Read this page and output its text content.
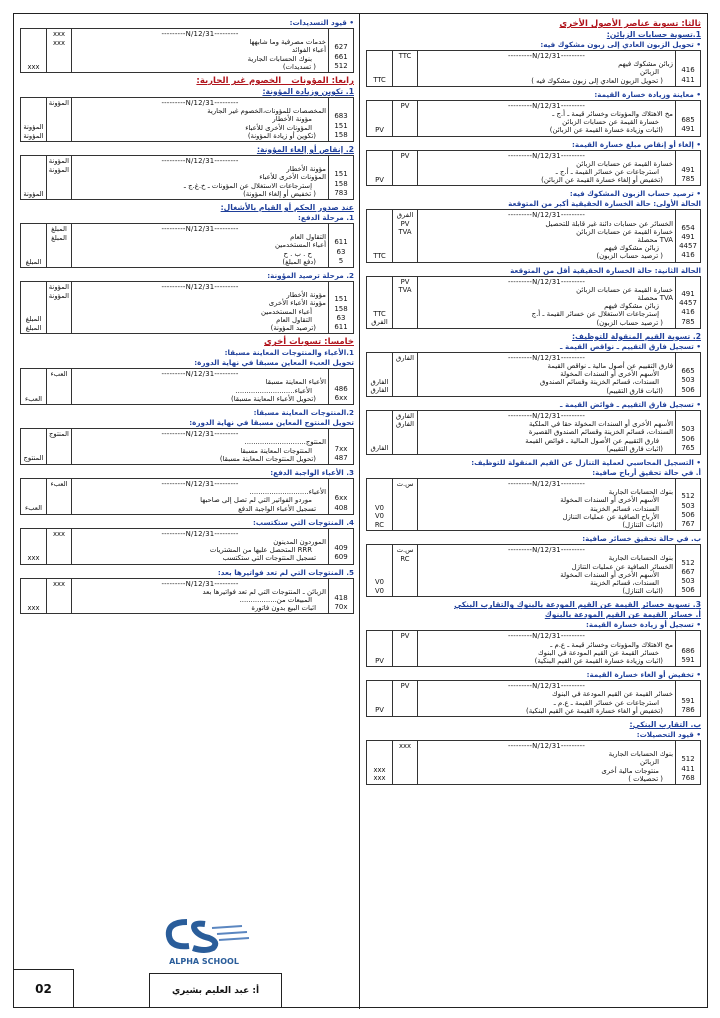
ثالثا: تسوية عناصر الأصول الأخرى
1.تسوية حسابات الزبائن:
• تحويل الزبون العادي إلى زبون مشكوك فيه:
416
411
---------N/12/31---------
زبائن مشكوك فيهم
الزبائن
( تحويل الزبون العادي إلى زبون مشكوك فيه )
TTC
TTC
• معاينة وزيادة خسارة القيمة:
685
491
---------N/12/31---------
مخ الاهتلاك والمؤونات وخسائر قيمة ـ أ.ج ـ
خسارة القيمة عن حسابات الزبائن
(اثبات وزيادة خسارة القيمة عن الزبائن)
PV
PV
• إلغاء أو إنقاص مبلغ خسارة القيمة:
491
785
---------N/12/31---------
خسارة القيمة عن حسابات الزبائن
استرجاعات عن خسائر القيمة ـ أ.ج ـ
(تخفيض أو إلغاء خسارة القيمة عن الزبائن)
PV
PV
• ترصيد حساب الزبون المشكوك فيه:
الحالة الأولى: حالة الخسارة الحقيقية أكبر من المتوقعة
654
491
4457
416
---------N/12/31---------
الخسائر عن حسابات دائنة غير قابلة للتحصيل
خسارة القيمة عن حسابات الزبائن
TVA محصلة
زبائن مشكوك فيهم
( ترصيد حساب الزبون)
الفرق
PV
TVA
TTC
الحالة الثانية: حالة الخسارة الحقيقية أقل من المتوقعة
491
4457
416
785
---------N/12/31---------
خسارة القيمة عن حسابات الزبائن
TVA محصلة
زبائن مشكوك فيهم
إسترجاعات الاستغلال عن خسائر القيمة ـ أ.ج
( ترصيد حساب الزبون)
PV
TVA
TTC
الفرق
2. تسوية القيم المنقولة للتوظيف:
• تسجيل فارق التقييم ـ نواقص القيمة ـ
665
503
506
---------N/12/31---------
فارق التقييم عن أصول مالية ـ نواقص القيمة
الأسهم الأخرى أو السندات المخولة
السندات، قسائم الخزينة وقسائم الصندوق
(اثبات فارق التقييم)
الفارق
الفارق
الفارق
• تسجيل فارق التقييم ـ فوائض القيمة ـ
503
506
765
---------N/12/31---------
الأسهم الأخرى أو السندات المخولة حقا في الملكية
السندات، قسائم الخزينة وقسائم الصندوق القصيرة
فارق التقييم عن الأصول المالية ـ فوائض القيمة
(اثبات فارق التقييم)
الفارق
الفارق
الفارق
• التسجيل المحاسبي لعملية التنازل عن القيم المنقولة للتوظيف:
أ. في حالة تحقيق أرباح صافية:
512
503
506
767
---------N/12/31---------
بنوك الحسابات الجارية
الأسهم الأخرى أو السندات المخولة
السندات، قسائم الخزينة
الأرباح الصافية عن عمليات التنازل
(اثبات التنازل)
س.ت
V0
V0
RC
ب. في حالة تحقيق خسائر صافية:
512
667
503
506
---------N/12/31---------
بنوك الحسابات الجارية
الخسائر الصافية عن عمليات التنازل
الأسهم الأخرى أو السندات المخولة
السندات، قسائم الخزينة
(اثبات التنازل)
س.ت
RC
V0
V0
3. تسوية خسائر القيمة عن القيم المودعة بالبنوك والتقارب البنكي
أ. خسائر القيمة عن القيم المودعة بالبنوك
• تسجيل أو زيادة خسارة القيمة:
686
591
---------N/12/31---------
مخ الاهتلاك والمؤونات وخسائر قيمة ـ ع.م ـ
خسائر القيمة عن القيم المودعة في البنوك
(اثبات وزيادة خسارة القيمة عن القيم البنكية)
PV
PV
• تخفيض أو الغاء خسارة القيمة:
591
786
---------N/12/31---------
خسائر القيمة عن القيم المودعة في البنوك
استرجاعات عن خسائر القيمة ـ ع.م ـ
(تخفيض أو الغاء خسارة القيمة عن القيم البنكية)
PV
PV
ب. التقارب البنكي:
• قيود التحصيلات:
512
411
768
---------N/12/31---------
بنوك الحسابات الجارية
الزبائن
منتوجات مالية أخرى
( تحصيلات )
xxx
xxx
xxx
• قيود التسديدات:
627
661
512
---------N/12/31---------
خدمات مصرفية وما شابهها
أعباء الفوائد
بنوك الحسابات الجارية
( تسديدات)
xxx
xxx
xxx
رابعا: المؤونات _ الخصوم غير الجارية:
1. تكوين وزيادة المؤونة:
683
151
158
---------N/12/31---------
المخصصات للمؤونات،الخصوم غير الجارية
مؤونة الأخطار
المؤونات الأخرى للأعباء
(تكوين أو زيادة المؤونة)
المؤونة
المؤونة
المؤونة
2. إنقاص أو إلغاء المؤونة:
151
158
783
---------N/12/31---------
مؤونة الأخطار
المؤونات الأخرى للأعباء
إسترجاعات الاستغلال عن المؤونات ـ خ.غ.ج ـ
( تخفيض أو إلغاء المؤونة)
المؤونة
المؤونة
المؤونة
عند صدور الحكم أو القيام بالأشغال:
1. مرحلة الدفع:
611
63
5
---------N/12/31---------
التقاول العام
أعباء المستخدمين
ح . ب . ح
(دفع المبلغ)
المبلغ
المبلغ
المبلغ
2. مرحلة ترصيد المؤونة:
151
158
63
611
---------N/12/31---------
مؤونة الأخطار
مؤونة الأعباء الأخرى
أعباء المستخدمين
التقاول العام
(ترصيد المؤونة)
المؤونة
المؤونة
المبلغ
المبلغ
خامسا: تسويات أخرى
1.الأعباء والمنتوجات المعاينة مسبقا:
تحويل العبء المعاين مسبقا في نهاية الدورة:
486
6xx
---------N/12/31---------
الأعباء المعاينة مسبقا
الأعباء...........................
(تحويل الأعباء المعاينة مسبقا)
العبء
العبء
2.المنتوجات المعاينة مسبقا:
تحويل المنتوج المعاين مسبقا في نهاية الدورة:
7xx
487
---------N/12/31---------
المنتوج............................
المنتوجات المعاينة مسبقا
(تحويل المنتوجات المعاينة مسبقا)
المنتوج
المنتوج
3. الأعباء الواجبة الدفع:
6xx
408
---------N/12/31---------
الأعباء...........................
موردو الفواتير التي لم تصل إلى صاحبها
تسجيل الأعباء الواجبة الدفع
العبء
العبء
4. المنتوجات التي ستكتسب:
409
609
---------N/12/31---------
الموردون المدينون
RRR المتحصل عليها من المشتريات
تسجيل المنتوجات التي ستكتسب
xxx
xxx
5. المنتوجات التي لم تعد فواتيرها بعد:
418
70x
---------N/12/31---------
الزبائن ـ المنتوجات التي لم تعد فواتيرها بعد
المبيعات من.................
اثبات البيع بدون فاتورة
xxx
xxx
ALPHA SCHOOL
أ: عبد العليم بشيري
02
